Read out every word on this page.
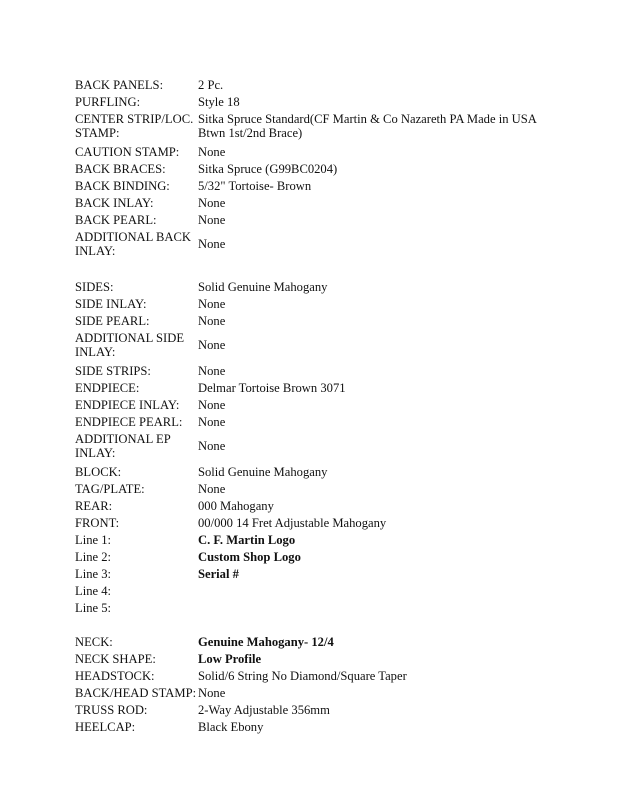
BACK PANELS:	2 Pc.
PURFLING:	Style 18
CENTER STRIP/LOC. STAMP:
Sitka Spruce Standard(CF Martin & Co Nazareth PA Made in USA Btwn 1st/2nd Brace)
CAUTION STAMP:	None
BACK BRACES:	Sitka Spruce (G99BC0204)
BACK BINDING:	5/32" Tortoise- Brown
BACK INLAY:	None
BACK PEARL:	None
ADDITIONAL BACK INLAY:	None
SIDES:	Solid Genuine Mahogany
SIDE INLAY:	None
SIDE PEARL:	None
ADDITIONAL SIDE INLAY:	None
SIDE STRIPS:	None
ENDPIECE:	Delmar Tortoise Brown 3071
ENDPIECE INLAY:	None
ENDPIECE PEARL:	None
ADDITIONAL EP INLAY:	None
BLOCK:	Solid Genuine Mahogany
TAG/PLATE:	None
REAR:	000 Mahogany
FRONT:	00/000 14 Fret Adjustable Mahogany
Line 1:	C. F. Martin Logo
Line 2:	Custom Shop Logo
Line 3:	Serial #
Line 4:
Line 5:
NECK:	Genuine Mahogany- 12/4
NECK SHAPE:	Low Profile
HEADSTOCK:	Solid/6 String No Diamond/Square Taper
BACK/HEAD STAMP: None
TRUSS ROD:	2-Way Adjustable 356mm
HEELCAP:	Black Ebony
